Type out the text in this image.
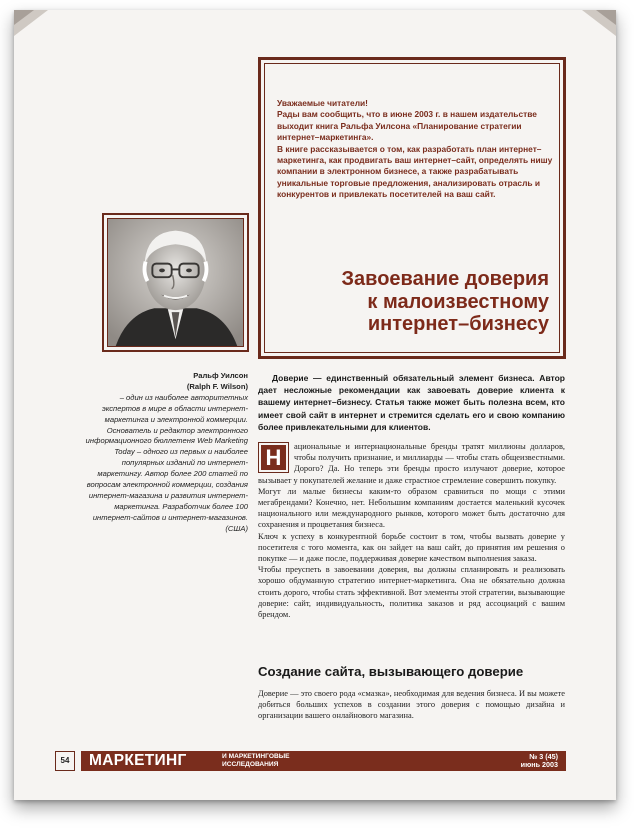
Уважаемые читатели!

Рады вам сообщить, что в июне 2003 г. в нашем издательстве выходит книга Ральфа Уилсона «Планирование стратегии интернет–маркетинга».

В книге рассказывается о том, как разработать план интернет–маркетинга, как продвигать ваш интернет–сайт, определять нишу компании в электронном бизнесе, а также разрабатывать уникальные торговые предложения, анализировать отрасль и конкурентов и привлекать посетителей на ваш сайт.

Завоевание доверия
к малоизвестному
интернет–бизнесу
Ральф Уилсон
(Ralph F. Wilson)
– один из наиболее авторитетных экспертов в мире в области интернет-маркетинга и электронной коммерции. Основатель и редактор электронного информационного бюллетеня Web Marketing Today – одного из первых и наиболее популярных изданий по интернет-маркетингу. Автор более 200 статей по вопросам электронной коммерции, создания интернет-магазина и развития интернет-маркетинга. Разработчик более 100 интернет-сайтов и интернет-магазинов. (США)
Доверие — единственный обязательный элемент бизнеса. Автор дает несложные рекомендации как завоевать доверие клиента к вашему интернет–бизнесу. Статья также может быть полезна всем, кто имеет свой сайт в интернет и стремится сделать его и свою компанию более привлекательными для клиентов.
Н	ациональные и интернациональные бренды тратят миллионы долларов, чтобы получить признание, и миллиарды — чтобы стать общеизвестными. Дорого? Да. Но теперь эти бренды просто излучают доверие, которое вызывает у покупателей желание и даже страстное стремление совершить покупку.

Могут ли малые бизнесы каким-то образом сравниться по мощи с этими мегабрендами? Конечно, нет. Небольшим компаниям достается маленький кусочек национального или международного рынков, которого может быть достаточно для сохранения и процветания бизнеса.

Ключ к успеху в конкурентной борьбе состоит в том, чтобы вызвать доверие у посетителя с того момента, как он зайдет на ваш сайт, до принятия им решения о покупке — и даже после, поддерживая доверие качеством выполнения заказа.

Чтобы преуспеть в завоевании доверия, вы должны спланировать и реализовать хорошо обдуманную стратегию интернет-маркетинга. Она не обязательно должна стоить дорого, чтобы стать эффективной. Вот элементы этой стратегии, вызывающие доверие: сайт, индивидуальность, политика заказов и ряд ассоциаций с вашим брендом.

Создание сайта, вызывающего доверие
Доверие — это своего рода «смазка», необходимая для ведения бизнеса. И вы можете добиться больших успехов в создании этого доверия с помощью дизайна и организации вашего онлайнового магазина.
54	МАРКЕТИНГ	И МАРКЕТИНГОВЫЕ
ИССЛЕДОВАНИЯ
№ 3 (45)
июнь 2003
